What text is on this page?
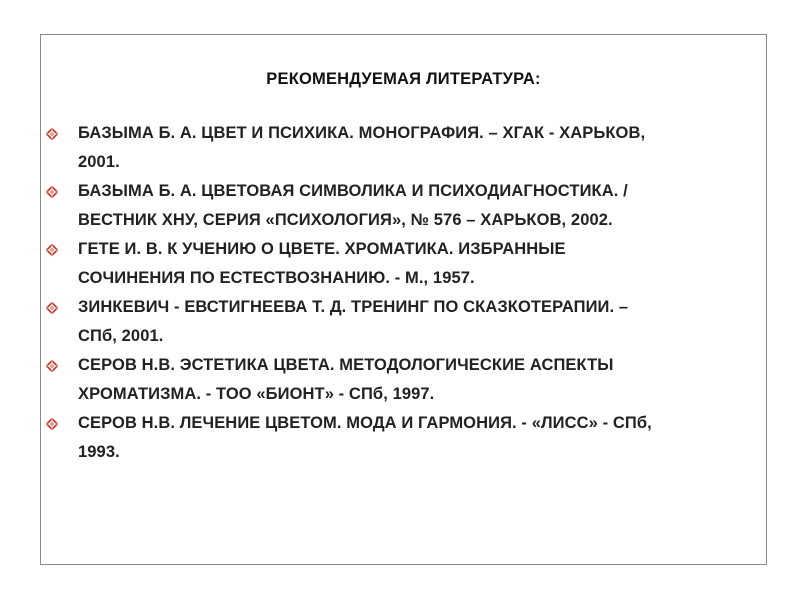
РЕКОМЕНДУЕМАЯ ЛИТЕРАТУРА:
БАЗЫМА Б. А. ЦВЕТ И ПСИХИКА. МОНОГРАФИЯ. – ХГАК - ХАРЬКОВ,
2001.
БАЗЫМА Б. А. ЦВЕТОВАЯ СИМВОЛИКА И ПСИХОДИАГНОСТИКА. /
ВЕСТНИК ХНУ, СЕРИЯ «ПСИХОЛОГИЯ», № 576 – ХАРЬКОВ, 2002.
ГЕТЕ И. В. К УЧЕНИЮ О ЦВЕТЕ. ХРОМАТИКА. ИЗБРАННЫЕ
СОЧИНЕНИЯ ПО ЕСТЕСТВОЗНАНИЮ. - М., 1957.
ЗИНКЕВИЧ - ЕВСТИГНЕЕВА Т. Д. ТРЕНИНГ ПО СКАЗКОТЕРАПИИ. –
СПб, 2001.
СЕРОВ Н.В. ЭСТЕТИКА ЦВЕТА. МЕТОДОЛОГИЧЕСКИЕ АСПЕКТЫ
ХРОМАТИЗМА. - ТОО «БИОНТ» - СПб, 1997.
СЕРОВ Н.В. ЛЕЧЕНИЕ ЦВЕТОМ. МОДА И ГАРМОНИЯ. - «ЛИСС» - СПб,
1993.
